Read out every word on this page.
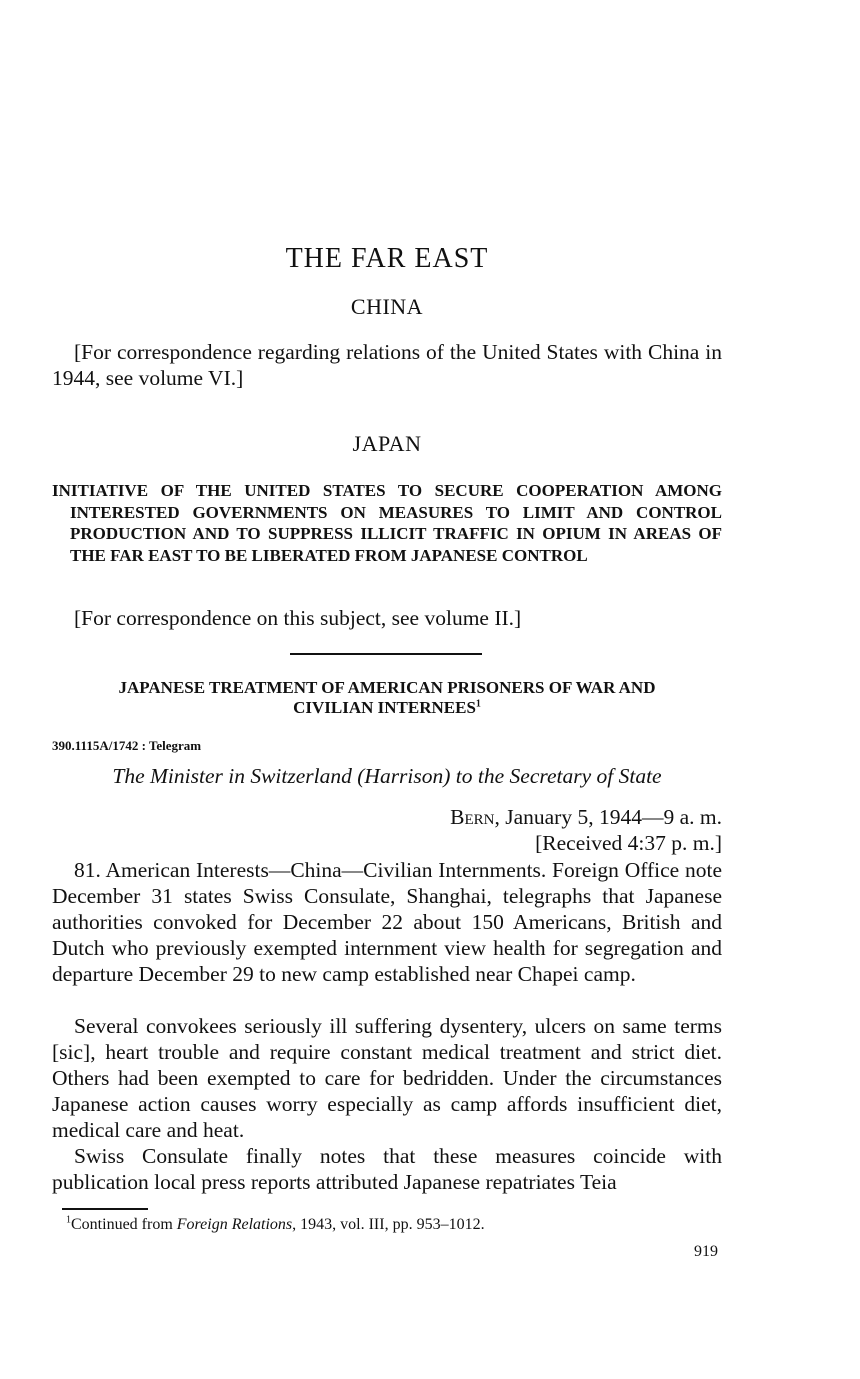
THE FAR EAST
CHINA
[For correspondence regarding relations of the United States with China in 1944, see volume VI.]
JAPAN
INITIATIVE OF THE UNITED STATES TO SECURE COOPERATION AMONG INTERESTED GOVERNMENTS ON MEASURES TO LIMIT AND CONTROL PRODUCTION AND TO SUPPRESS ILLICIT TRAFFIC IN OPIUM IN AREAS OF THE FAR EAST TO BE LIBERATED FROM JAPANESE CONTROL
[For correspondence on this subject, see volume II.]
JAPANESE TREATMENT OF AMERICAN PRISONERS OF WAR AND
CIVILIAN INTERNEES$^1$
390.1115A/1742 : Telegram
The Minister in Switzerland (Harrison) to the Secretary of State
Bern, January 5, 1944—9 a. m.
[Received 4:37 p. m.]
81. American Interests—China—Civilian Internments. Foreign Office note December 31 states Swiss Consulate, Shanghai, telegraphs that Japanese authorities convoked for December 22 about 150 Americans, British and Dutch who previously exempted internment view health for segregation and departure December 29 to new camp established near Chapei camp.
Several convokees seriously ill suffering dysentery, ulcers on same terms [sic], heart trouble and require constant medical treatment and strict diet. Others had been exempted to care for bedridden. Under the circumstances Japanese action causes worry especially as camp affords insufficient diet, medical care and heat.
Swiss Consulate finally notes that these measures coincide with publication local press reports attributed Japanese repatriates Teia
$^1$Continued from Foreign Relations, 1943, vol. III, pp. 953–1012.
919
